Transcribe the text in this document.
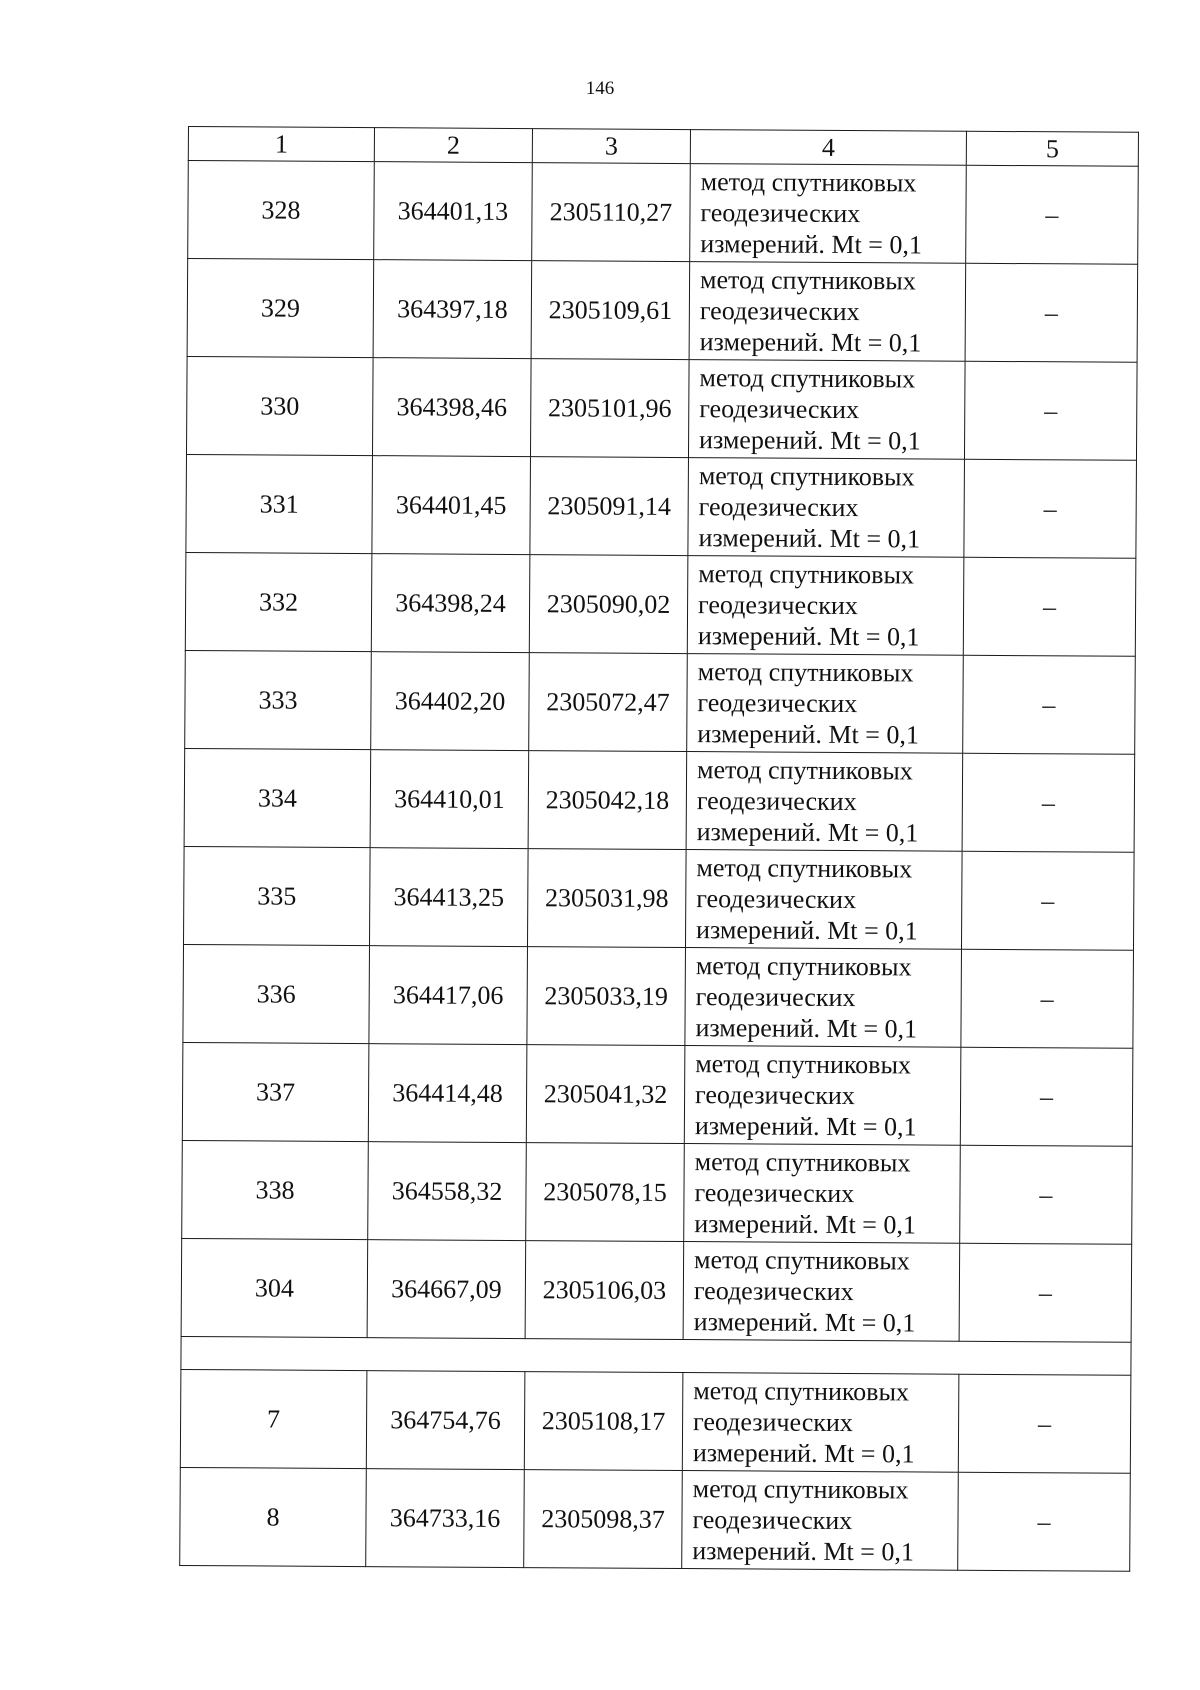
146
1	2	3	4	5
328	364401,13	2305110,27	метод спутниковых
геодезических
измерений. Mt = 0,1	–
329	364397,18	2305109,61	метод спутниковых
геодезических
измерений. Mt = 0,1	–
330	364398,46	2305101,96	метод спутниковых
геодезических
измерений. Mt = 0,1	–
331	364401,45	2305091,14	метод спутниковых
геодезических
измерений. Mt = 0,1	–
332	364398,24	2305090,02	метод спутниковых
геодезических
измерений. Mt = 0,1	–
333	364402,20	2305072,47	метод спутниковых
геодезических
измерений. Mt = 0,1	–
334	364410,01	2305042,18	метод спутниковых
геодезических
измерений. Mt = 0,1	–
335	364413,25	2305031,98	метод спутниковых
геодезических
измерений. Mt = 0,1	–
336	364417,06	2305033,19	метод спутниковых
геодезических
измерений. Mt = 0,1	–
337	364414,48	2305041,32	метод спутниковых
геодезических
измерений. Mt = 0,1	–
338	364558,32	2305078,15	метод спутниковых
геодезических
измерений. Mt = 0,1	–
304	364667,09	2305106,03	метод спутниковых
геодезических
измерений. Mt = 0,1	–

7	364754,76	2305108,17	метод спутниковых
геодезических
измерений. Mt = 0,1	–
8	364733,16	2305098,37	метод спутниковых
геодезических
измерений. Mt = 0,1	–
